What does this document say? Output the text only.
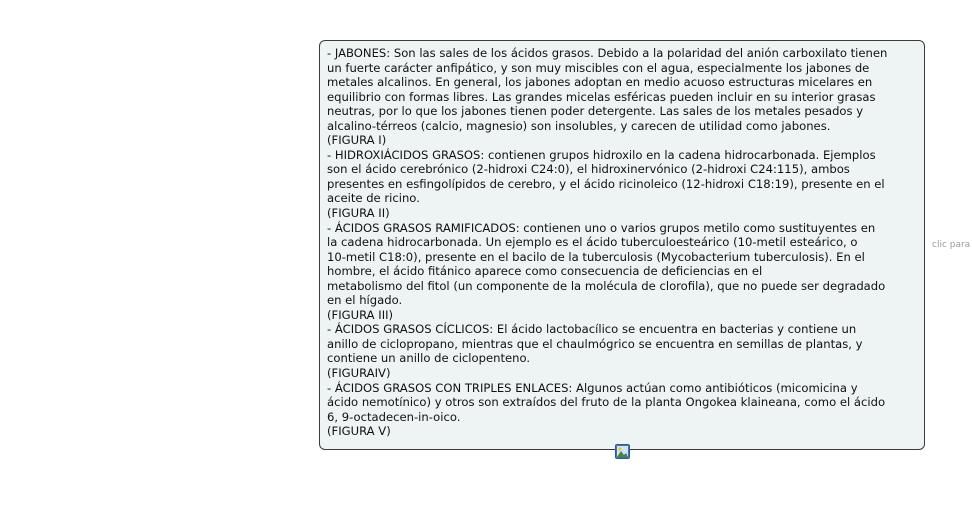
- JABONES: Son las sales de los ácidos grasos. Debido a la polaridad del anión carboxilato tienen

un fuerte carácter anfipático, y son muy miscibles con el agua, especialmente los jabones de

metales alcalinos. En general, los jabones adoptan en medio acuoso estructuras micelares en

equilibrio con formas libres. Las grandes micelas esféricas pueden incluir en su interior grasas

neutras, por lo que los jabones tienen poder detergente. Las sales de los metales pesados y

alcalino-térreos (calcio, magnesio) son insolubles, y carecen de utilidad como jabones.

(FIGURA I)

- HIDROXIÁCIDOS GRASOS: contienen grupos hidroxilo en la cadena hidrocarbonada. Ejemplos

son el ácido cerebrónico (2-hidroxi C24:0), el hidroxinervónico (2-hidroxi C24:115), ambos

presentes en esfingolípidos de cerebro, y el ácido ricinoleico (12-hidroxi C18:19), presente en el

aceite de ricino.

(FIGURA II)

- ÁCIDOS GRASOS RAMIFICADOS: contienen uno o varios grupos metilo como sustituyentes en

la cadena hidrocarbonada. Un ejemplo es el ácido tuberculoesteárico (10-metil esteárico, o

10-metil C18:0), presente en el bacilo de la tuberculosis (Mycobacterium tuberculosis). En el

hombre, el ácido fitánico aparece como consecuencia de deficiencias en el

metabolismo del fitol (un componente de la molécula de clorofila), que no puede ser degradado

en el hígado.

(FIGURA III)

- ÁCIDOS GRASOS CÍCLICOS: El ácido lactobacílico se encuentra en bacterias y contiene un

anillo de ciclopropano, mientras que el chaulmógrico se encuentra en semillas de plantas, y

contiene un anillo de ciclopenteno.

(FIGURAIV)

- ÁCIDOS GRASOS CON TRIPLES ENLACES: Algunos actúan como antibióticos (micomicina y

ácido nemotínico) y otros son extraídos del fruto de la planta Ongokea klaineana, como el ácido

6, 9-octadecen-in-oico.

(FIGURA V)

clic para
